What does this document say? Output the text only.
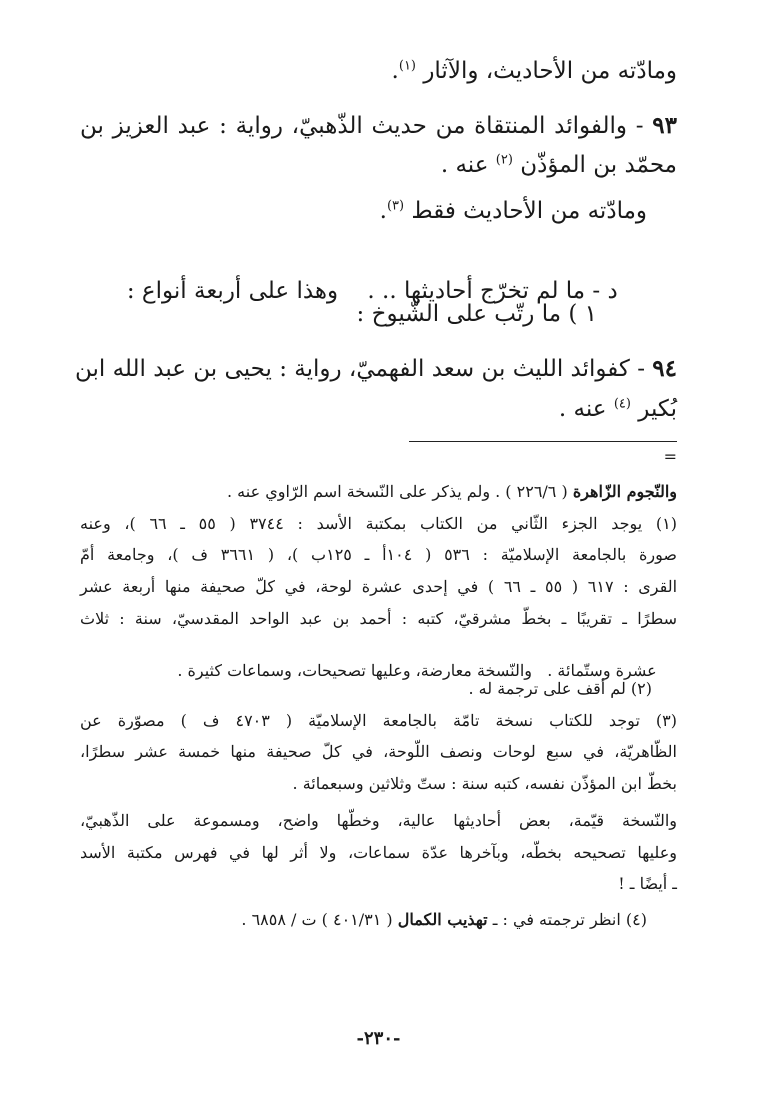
ومادّته من الأحاديث، والآثار $^{(١)}$.
٩٣ - والفوائد المنتقاة من حديث الذّهبيّ، رواية : عبد العزيز بن
محمّد بن المؤذّن $^{(٢)}$ عنه .
ومادّته من الأحاديث فقط $^{(٣)}$.

د - ما لم تخرّج أحاديثها .. .    وهذا على أربعة أنواع :

١ ) ما رتّب على الشّيوخ :
٩٤ - كفوائد الليث بن سعد الفهميّ، رواية : يحيى بن عبد الله ابن
بُكير $^{(٤)}$ عنه .
=
والنّجوم الزّاهرة ( ٢٢٦/٦ ) . ولم يذكر على النّسخة اسم الرّاوي عنه .
(١) يوجد الجزء الثّاني من الكتاب بمكتبة الأسد : ٣٧٤٤ ( ٥٥ ـ ٦٦ )، وعنه
صورة بالجامعة الإسلاميّة : ٥٣٦ ( ١٠٤أ ـ ١٢٥ب )، ( ٣٦٦١ ف )، وجامعة أمّ
القرى : ٦١٧ ( ٥٥ ـ ٦٦ ) في إحدى عشرة لوحة، في كلّ صحيفة منها أربعة عشر
سطرًا ـ تقريبًا ـ بخطّ مشرقيّ، كتبه : أحمد بن عبد الواحد المقدسيّ، سنة : ثلاث

عشرة وستّمائة .   والنّسخة معارضة، وعليها تصحيحات، وسماعات كثيرة .

(٢) لم أقف على ترجمة له .
(٣) توجد للكتاب نسخة تامّة بالجامعة الإسلاميّة ( ٤٧٠٣ ف ) مصوّرة عن
الظّاهريّة، في سبع لوحات ونصف اللّوحة، في كلّ صحيفة منها خمسة عشر سطرًا،
بخطّ ابن المؤذّن نفسه، كتبه سنة : ستّ وثلاثين وسبعمائة .
والنّسخة قيّمة، بعض أحاديثها عالية، وخطّها واضح، ومسموعة على الذّهبيّ،
وعليها تصحيحه بخطّه، وبآخرها عدّة سماعات، ولا أثر لها في فهرس مكتبة الأسد
ـ أيضًا ـ !
(٤) انظر ترجمته في : ـ تهذيب الكمال ( ٤٠١/٣١ ) ت / ٦٨٥٨ .
-٢٣٠-
